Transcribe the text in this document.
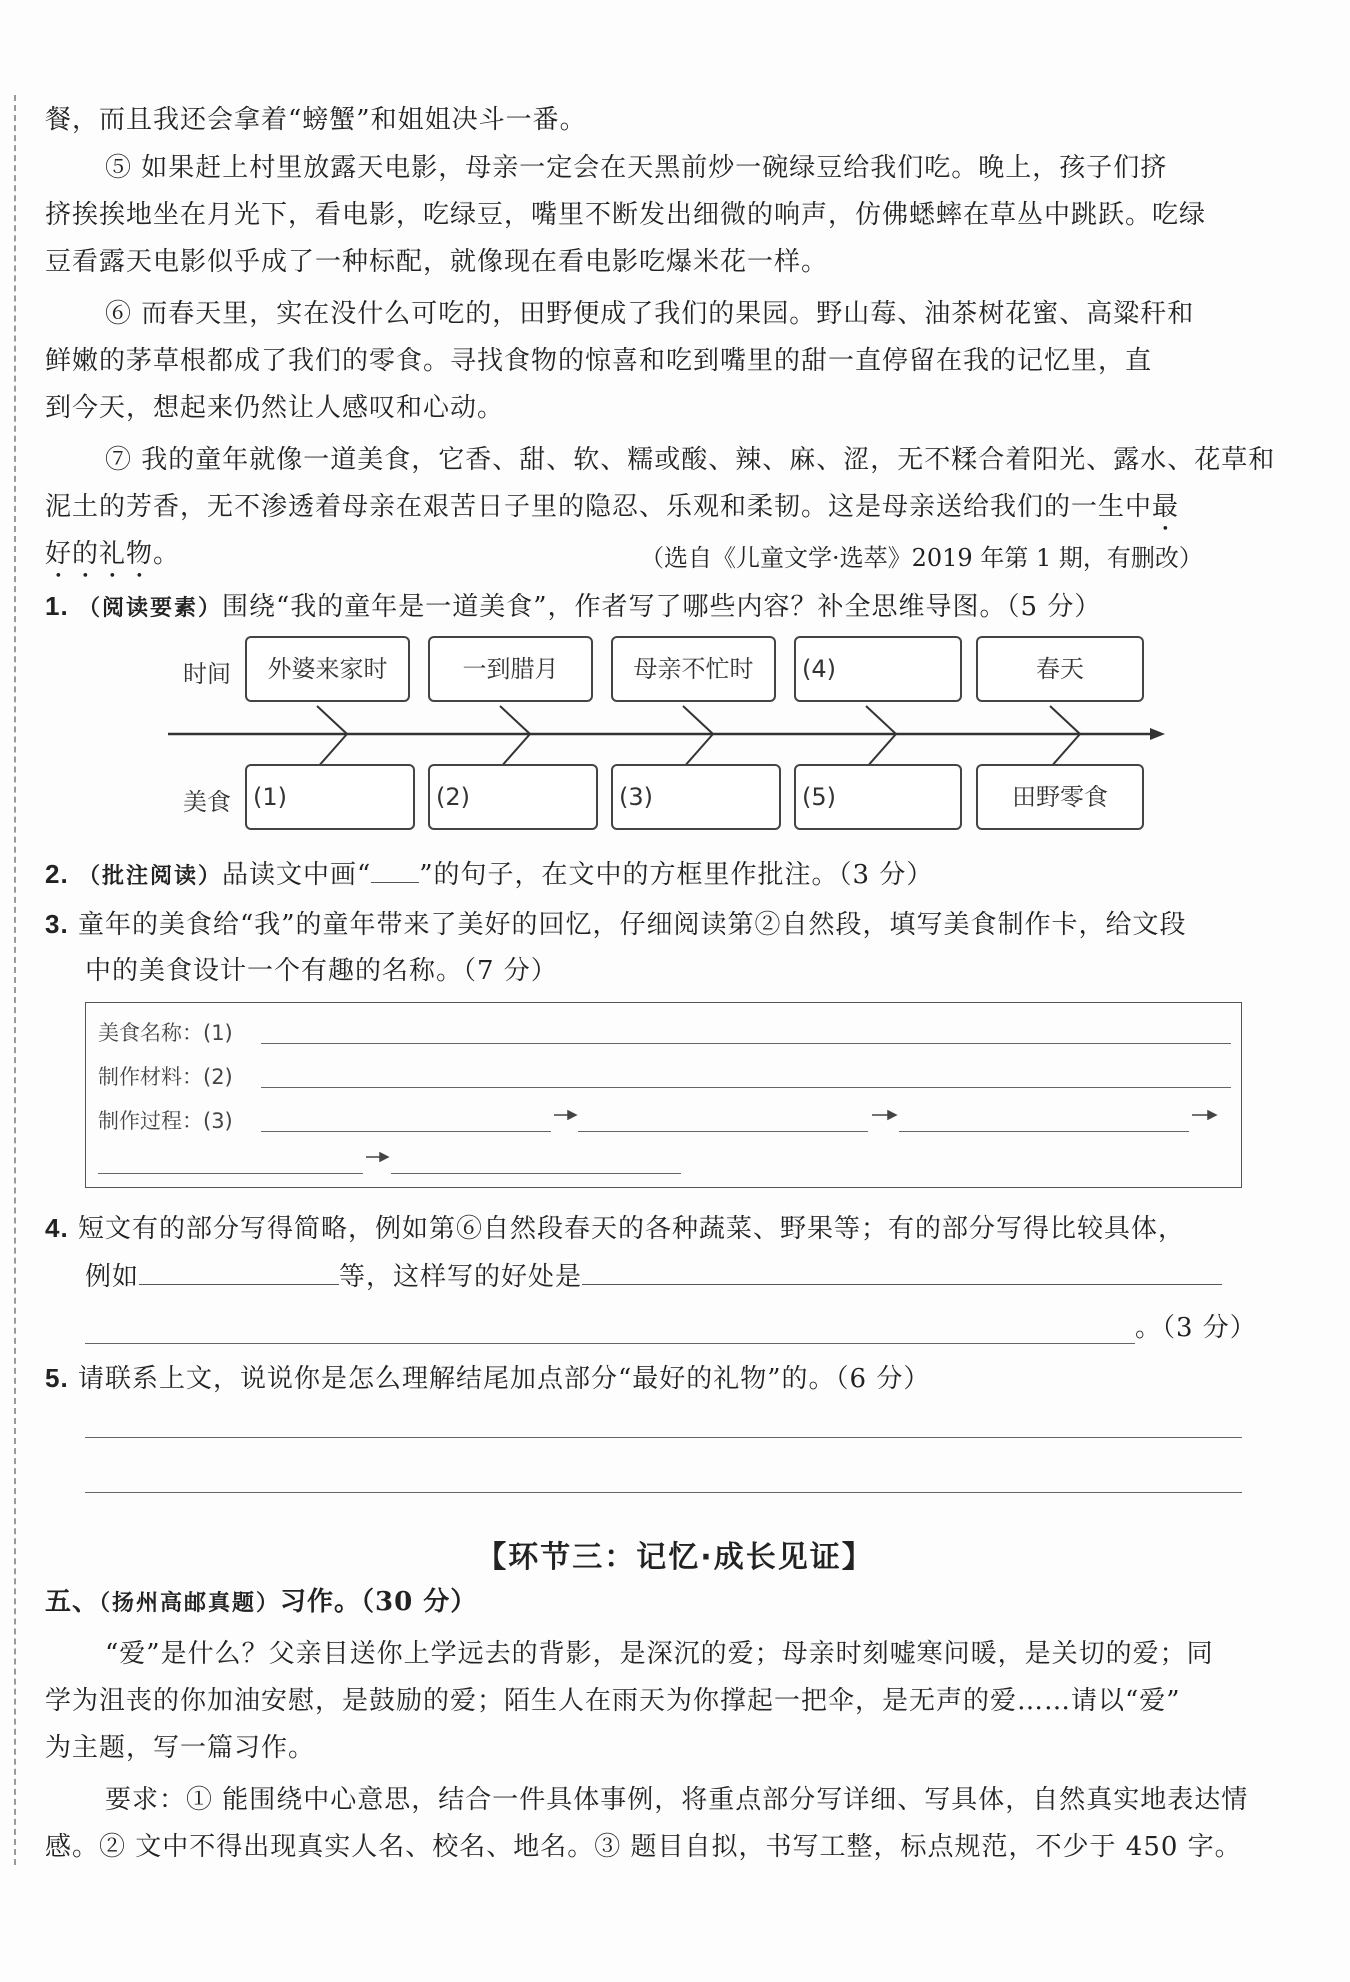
餐，而且我还会拿着“螃蟹”和姐姐决斗一番。
⑤ 如果赶上村里放露天电影，母亲一定会在天黑前炒一碗绿豆给我们吃。晚上，孩子们挤
挤挨挨地坐在月光下，看电影，吃绿豆，嘴里不断发出细微的响声，仿佛蟋蟀在草丛中跳跃。吃绿
豆看露天电影似乎成了一种标配，就像现在看电影吃爆米花一样。
⑥ 而春天里，实在没什么可吃的，田野便成了我们的果园。野山莓、油茶树花蜜、高粱秆和
鲜嫩的茅草根都成了我们的零食。寻找食物的惊喜和吃到嘴里的甜一直停留在我的记忆里，直
到今天，想起来仍然让人感叹和心动。
⑦ 我的童年就像一道美食，它香、甜、软、糯或酸、辣、麻、涩，无不糅合着阳光、露水、花草和
泥土的芳香，无不渗透着母亲在艰苦日子里的隐忍、乐观和柔韧。这是母亲送给我们的一生中最
好的礼物。	（选自《儿童文学·选萃》2019 年第 1 期，有删改）
1. （阅读要素）围绕“我的童年是一道美食”，作者写了哪些内容？补全思维导图。（5 分）
时间
美食
外婆来家时	一到腊月	母亲不忙时	(4)	春天
(1)	(2)	(3)	(5)	田野零食
2. （批注阅读）品读文中画“ ”的句子，在文中的方框里作批注。（3 分）
3. 童年的美食给“我”的童年带来了美好的回忆，仔细阅读第②自然段，填写美食制作卡，给文段
中的美食设计一个有趣的名称。（7 分）
美食名称：(1)
制作材料：(2)
制作过程：(3)
4. 短文有的部分写得简略，例如第⑥自然段春天的各种蔬菜、野果等；有的部分写得比较具体，
例如	等，这样写的好处是
。（3 分）
5. 请联系上文，说说你是怎么理解结尾加点部分“最好的礼物”的。（6 分）
【环节三：记忆·成长见证】
五、（扬州高邮真题）习作。（30 分）
“爱”是什么？父亲目送你上学远去的背影，是深沉的爱；母亲时刻嘘寒问暖，是关切的爱；同
学为沮丧的你加油安慰，是鼓励的爱；陌生人在雨天为你撑起一把伞，是无声的爱……请以“爱”
为主题，写一篇习作。
要求：① 能围绕中心意思，结合一件具体事例，将重点部分写详细、写具体，自然真实地表达情
感。② 文中不得出现真实人名、校名、地名。③ 题目自拟，书写工整，标点规范，不少于 450 字。
